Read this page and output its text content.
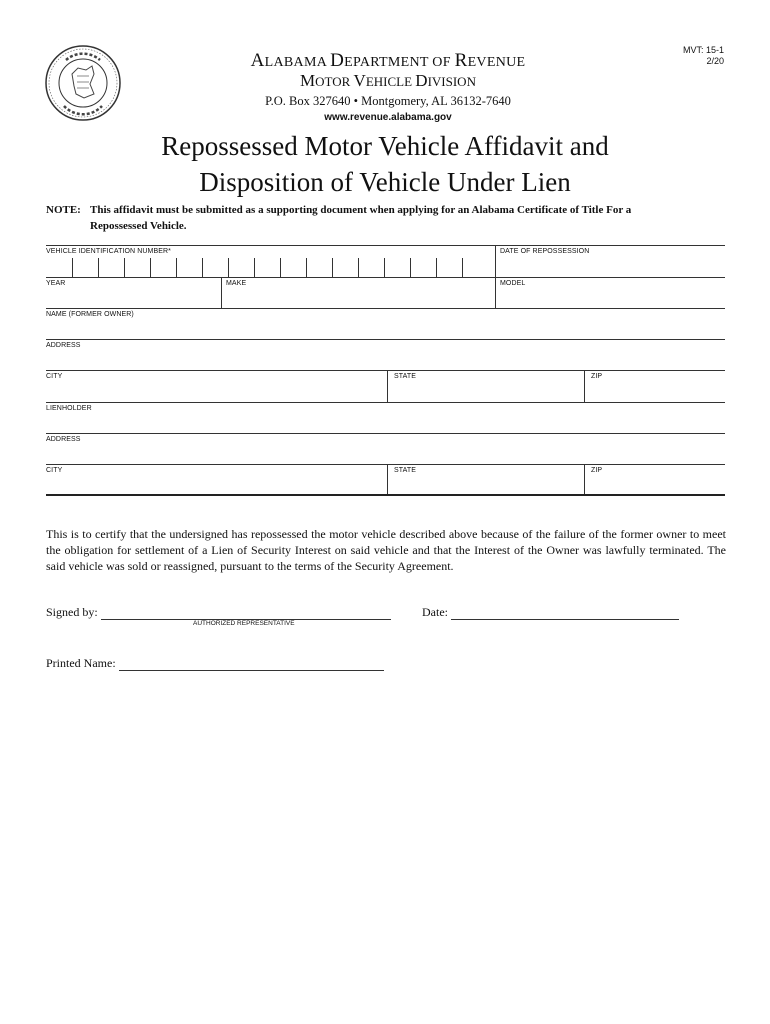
MVT: 15-1
2/20
ALABAMA DEPARTMENT OF REVENUE
MOTOR VEHICLE DIVISION
P.O. Box 327640 • Montgomery, AL 36132-7640
www.revenue.alabama.gov
Repossessed Motor Vehicle Affidavit and
Disposition of Vehicle Under Lien
NOTE: This affidavit must be submitted as a supporting document when applying for an Alabama Certificate of Title For a
Repossessed Vehicle.
VEHICLE IDENTIFICATION NUMBER*	DATE OF REPOSSESSION
YEAR	MAKE	MODEL
NAME (FORMER OWNER)
ADDRESS
CITY	STATE	ZIP
LIENHOLDER
ADDRESS
CITY	STATE	ZIP
This is to certify that the undersigned has repossessed the motor vehicle described above because of the failure of the former owner to meet the obligation for settlement of a Lien of Security Interest on said vehicle and that the Interest of the Owner was lawfully terminated. The said vehicle was sold or reassigned, pursuant to the terms of the Security Agreement.
Signed by:
AUTHORIZED REPRESENTATIVE
Date:
Printed Name:
